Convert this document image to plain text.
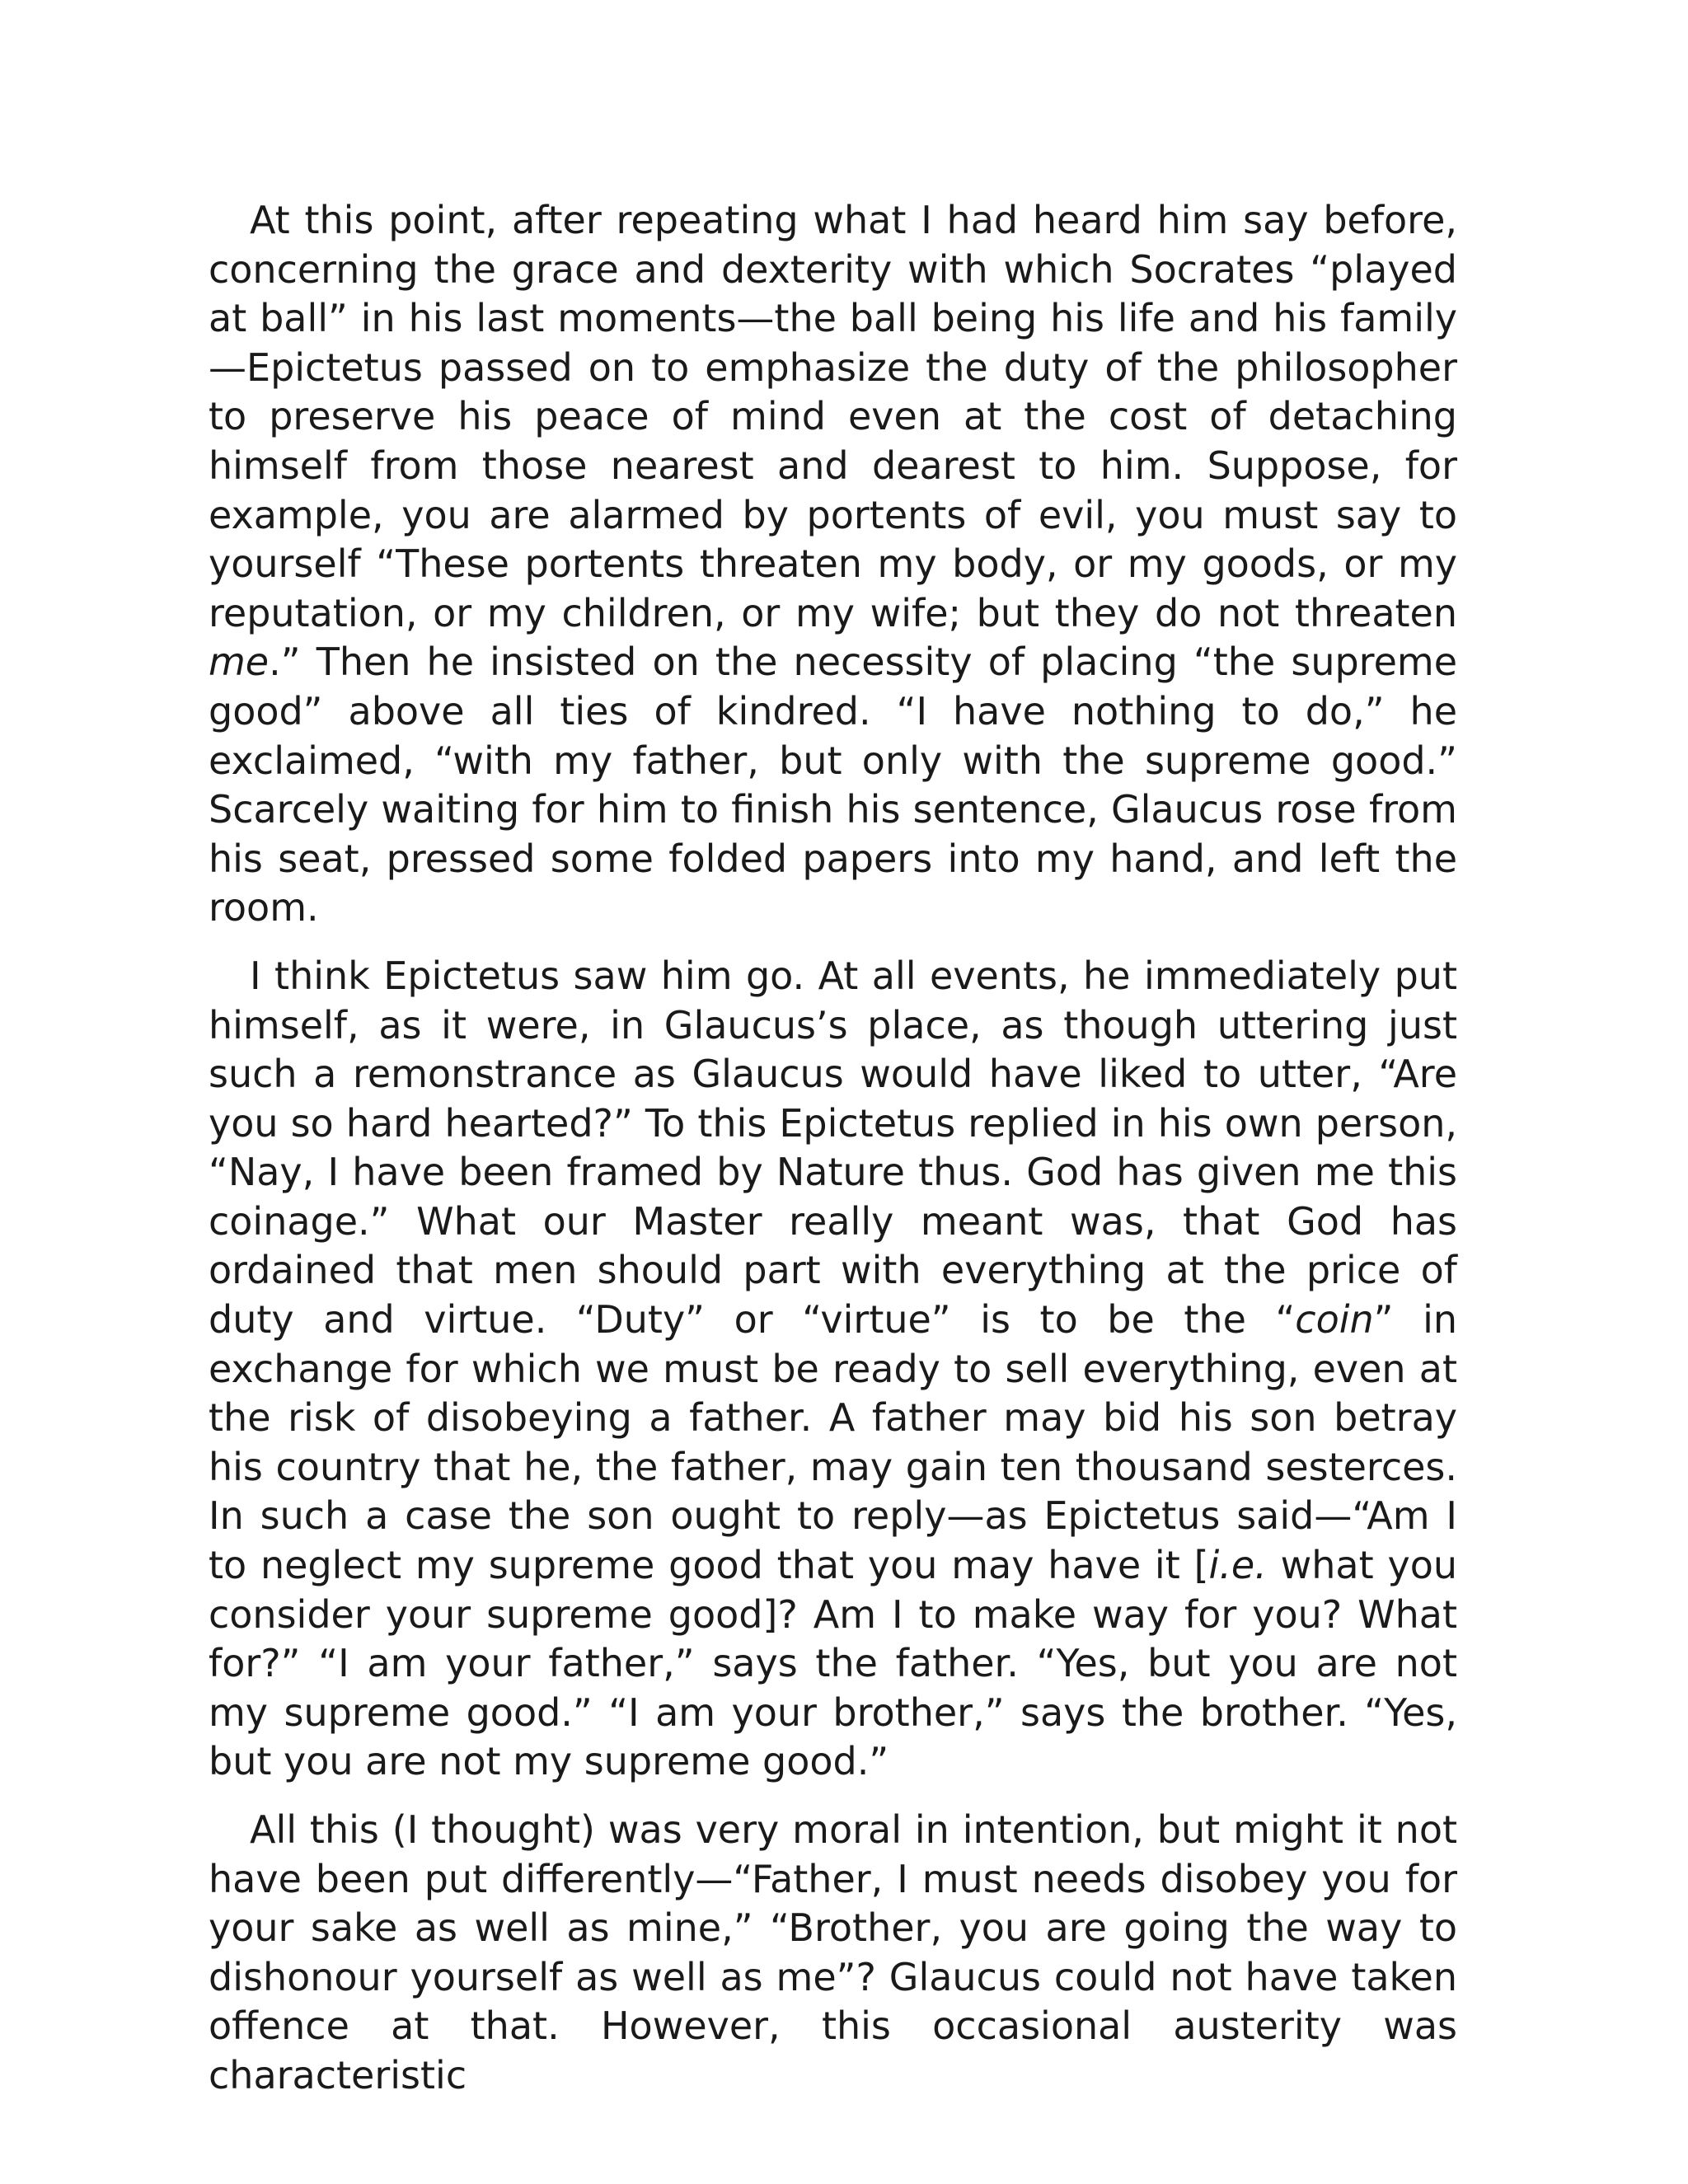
At this point, after repeating what I had heard him say before, concerning the grace and dexterity with which Socrates “played at ball” in his last moments—the ball being his life and his family—Epictetus passed on to emphasize the duty of the philosopher to preserve his peace of mind even at the cost of detaching himself from those nearest and dearest to him. Suppose, for example, you are alarmed by portents of evil, you must say to yourself “These portents threaten my body, or my goods, or my reputation, or my children, or my wife; but they do not threaten me.” Then he insisted on the necessity of placing “the supreme good” above all ties of kindred. “I have nothing to do,” he exclaimed, “with my father, but only with the supreme good.” Scarcely waiting for him to finish his sentence, Glaucus rose from his seat, pressed some folded papers into my hand, and left the room.

I think Epictetus saw him go. At all events, he immediately put himself, as it were, in Glaucus’s place, as though uttering just such a remonstrance as Glaucus would have liked to utter, “Are you so hard hearted?” To this Epictetus replied in his own person, “Nay, I have been framed by Nature thus. God has given me this coinage.” What our Master really meant was, that God has ordained that men should part with everything at the price of duty and virtue. “Duty” or “virtue” is to be the “coin” in exchange for which we must be ready to sell everything, even at the risk of disobeying a father. A father may bid his son betray his country that he, the father, may gain ten thousand sesterces. In such a case the son ought to reply—as Epictetus said—“Am I to neglect my supreme good that you may have it [i.e. what you consider your supreme good]? Am I to make way for you? What for?” “I am your father,” says the father. “Yes, but you are not my supreme good.” “I am your brother,” says the brother. “Yes, but you are not my supreme good.”

All this (I thought) was very moral in intention, but might it not have been put differently—“Father, I must needs disobey you for your sake as well as mine,” “Brother, you are going the way to dishonour yourself as well as me”? Glaucus could not have taken offence at that. However, this occasional austerity was characteristic
